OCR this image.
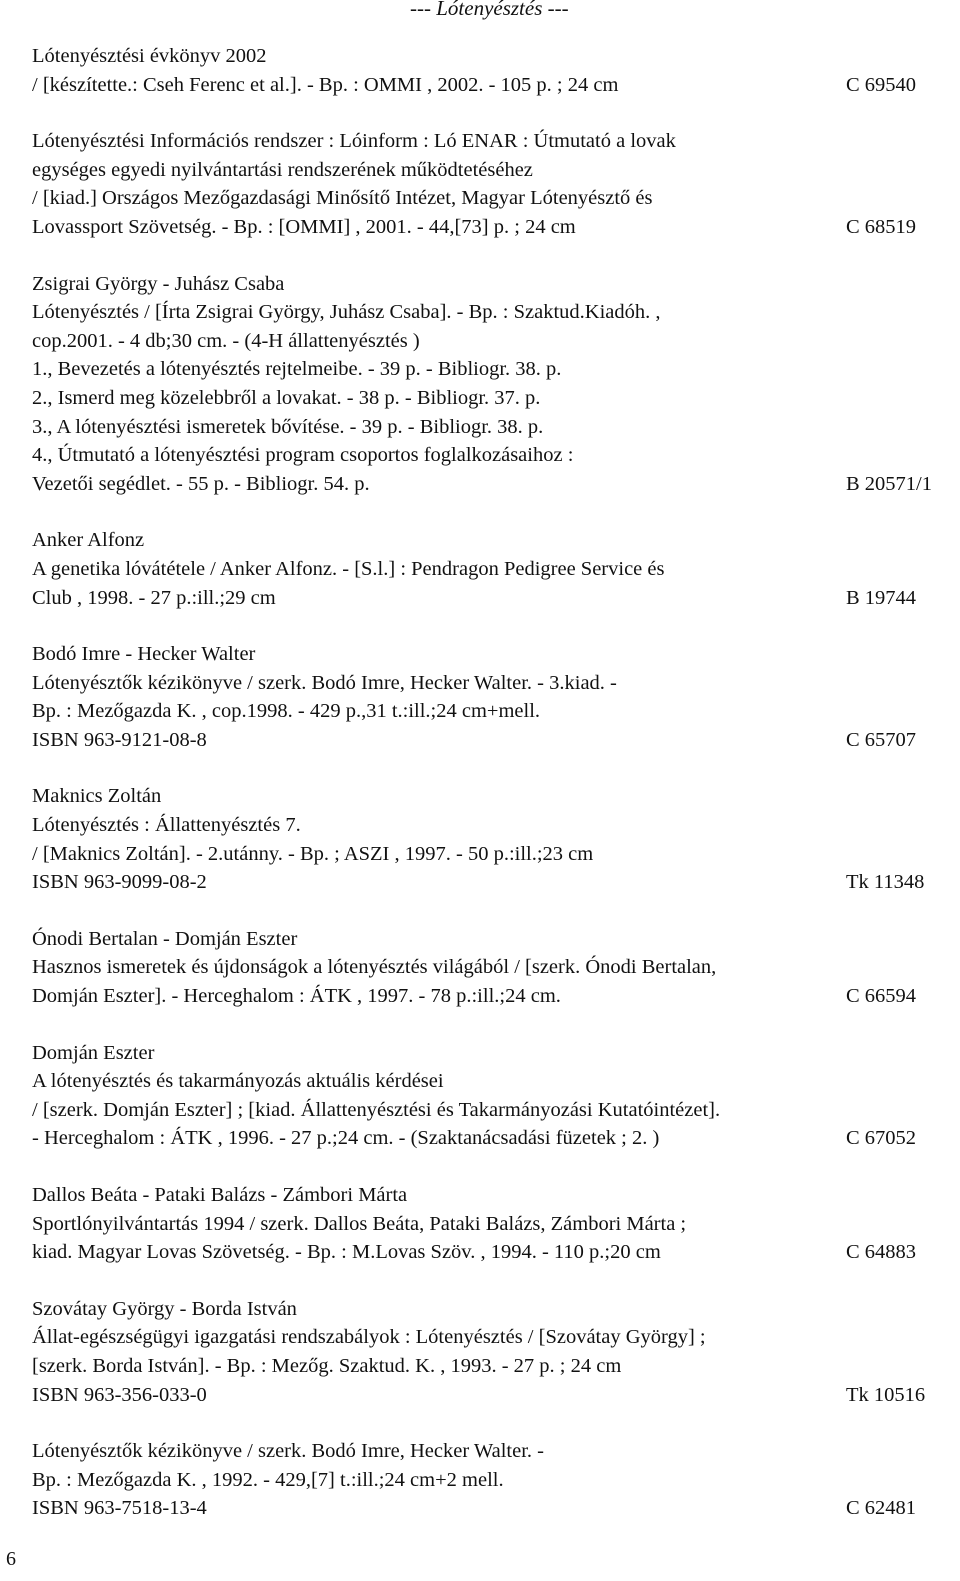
--- Lótenyésztés ---
Lótenyésztési évkönyv 2002
/ [készítette.: Cseh Ferenc et al.]. - Bp. : OMMI , 2002. - 105 p. ; 24 cm	C 69540
Lótenyésztési Információs rendszer : Lóinform : Ló ENAR : Útmutató a lovak
egységes egyedi nyilvántartási rendszerének működtetéséhez
/ [kiad.] Országos Mezőgazdasági Minősítő Intézet, Magyar Lótenyésztő és
Lovassport Szövetség. - Bp. : [OMMI] , 2001. - 44,[73] p. ; 24 cm	C 68519
Zsigrai György - Juhász Csaba
Lótenyésztés / [Írta Zsigrai György, Juhász Csaba]. - Bp. : Szaktud.Kiadóh. ,
cop.2001. - 4 db;30 cm. - (4-H állattenyésztés )
1., Bevezetés a lótenyésztés rejtelmeibe. - 39 p. - Bibliogr. 38. p.
2., Ismerd meg közelebbről a lovakat. - 38 p. - Bibliogr. 37. p.
3., A lótenyésztési ismeretek bővítése. - 39 p. - Bibliogr. 38. p.
4., Útmutató a lótenyésztési program csoportos foglalkozásaihoz :
Vezetői segédlet. - 55 p. - Bibliogr. 54. p.	B 20571/1
Anker Alfonz
A genetika lóvátétele / Anker Alfonz. - [S.l.] : Pendragon Pedigree Service és
Club , 1998. - 27 p.:ill.;29 cm	B 19744
Bodó Imre - Hecker Walter
Lótenyésztők kézikönyve / szerk. Bodó Imre, Hecker Walter. - 3.kiad. -
Bp. : Mezőgazda K. , cop.1998. - 429 p.,31 t.:ill.;24 cm+mell.
ISBN 963-9121-08-8	C 65707
Maknics Zoltán
Lótenyésztés : Állattenyésztés 7.
/ [Maknics Zoltán]. - 2.utánny. - Bp. ; ASZI , 1997. - 50 p.:ill.;23 cm
ISBN 963-9099-08-2	Tk 11348
Ónodi Bertalan - Domján Eszter
Hasznos ismeretek és újdonságok a lótenyésztés világából / [szerk. Ónodi Bertalan,
Domján Eszter]. - Herceghalom : ÁTK , 1997. - 78 p.:ill.;24 cm.	C 66594
Domján Eszter
A lótenyésztés és takarmányozás aktuális kérdései
/ [szerk. Domján Eszter] ; [kiad. Állattenyésztési és Takarmányozási Kutatóintézet].
- Herceghalom : ÁTK , 1996. - 27 p.;24 cm. - (Szaktanácsadási füzetek ; 2. )	C 67052
Dallos Beáta - Pataki Balázs - Zámbori Márta
Sportlónyilvántartás 1994 / szerk. Dallos Beáta, Pataki Balázs, Zámbori Márta ;
kiad. Magyar Lovas Szövetség. - Bp. : M.Lovas Szöv. , 1994. - 110 p.;20 cm	C 64883
Szovátay György - Borda István
Állat-egészségügyi igazgatási rendszabályok : Lótenyésztés / [Szovátay György] ;
[szerk. Borda István]. - Bp. : Mezőg. Szaktud. K. , 1993. - 27 p. ; 24 cm
ISBN 963-356-033-0	Tk 10516
Lótenyésztők kézikönyve / szerk. Bodó Imre, Hecker Walter. -
Bp. : Mezőgazda K. , 1992. - 429,[7] t.:ill.;24 cm+2 mell.
ISBN 963-7518-13-4	C 62481
6
